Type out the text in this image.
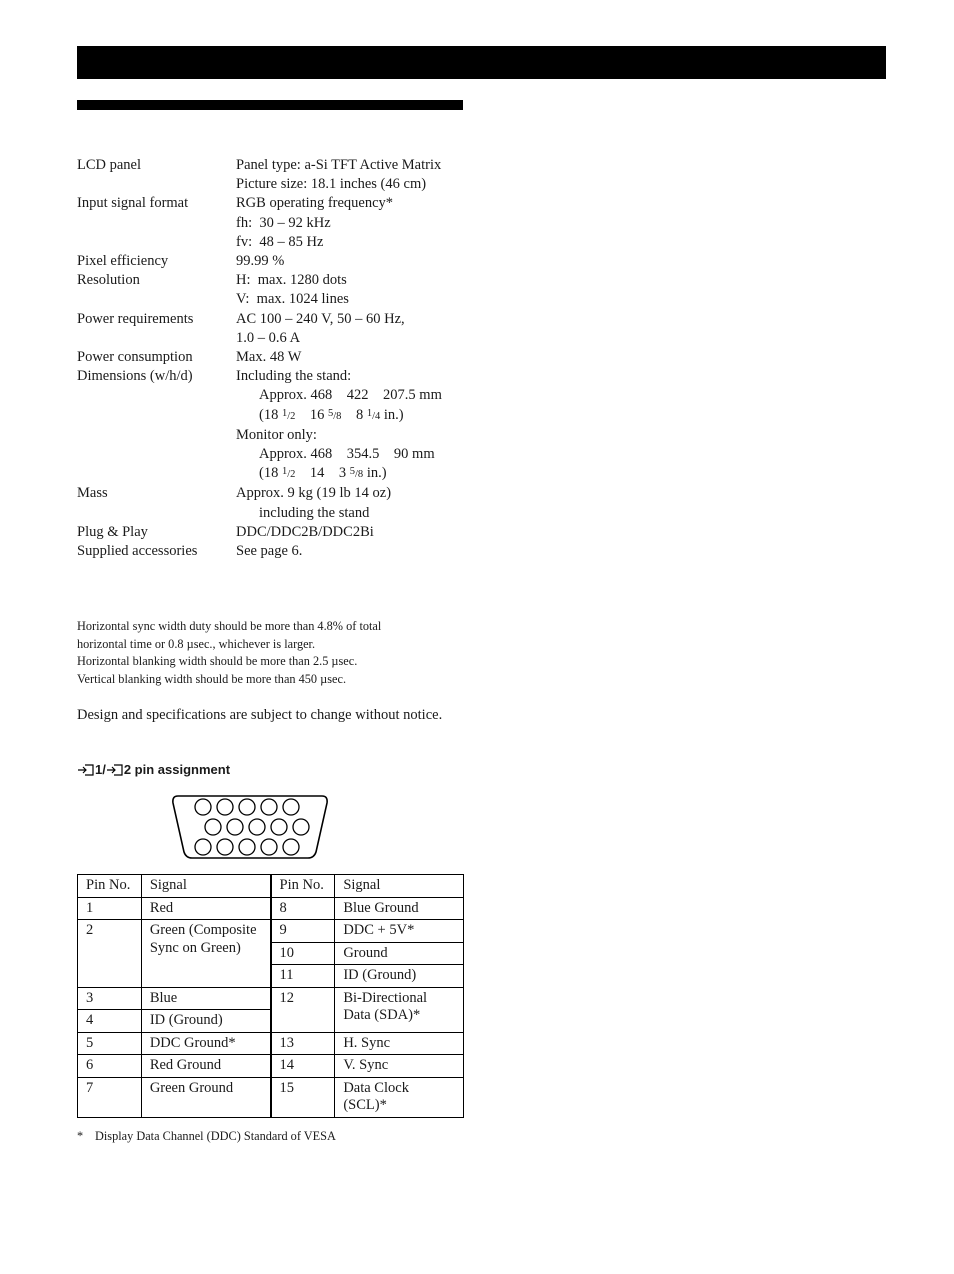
LCD panel	Panel type: a-Si TFT Active Matrix
Picture size: 18.1 inches (46 cm)
Input signal format	RGB operating frequency*
fh:  30 – 92 kHz
fv:  48 – 85 Hz
Pixel efficiency	99.99 %
Resolution	H:  max. 1280 dots
V:  max. 1024 lines
Power requirements	AC 100 – 240 V, 50 – 60 Hz,
1.0 – 0.6 A
Power consumption	Max. 48 W
Dimensions (w/h/d)	Including the stand:
Approx. 468    422    207.5 mm
(18 $^1$/2    16 $^5$/8    8 $^1$/4 in.)
Monitor only:
Approx. 468    354.5    90 mm
(18 $^1$/2    14    3 $^5$/8 in.)
Mass	Approx. 9 kg (19 lb 14 oz)
including the stand
Plug & Play	DDC/DDC2B/DDC2Bi
Supplied accessories	See page 6.
Horizontal sync width duty should be more than 4.8% of total
horizontal time or 0.8 µsec., whichever is larger.
Horizontal blanking width should be more than 2.5 µsec.
Vertical blanking width should be more than 450 µsec.
Design and specifications are subject to change without notice.
1/ 2 pin assignment
Pin No.	Signal	Pin No.	Signal
1	Red	8	Blue Ground
2	Green (Composite Sync on Green)	9	DDC + 5V*
		10	Ground
		11	ID (Ground)
3	Blue	12	Bi-Directional Data (SDA)*
4	ID (Ground)		
5	DDC Ground*	13	H. Sync
6	Red Ground	14	V. Sync
7	Green Ground	15	Data Clock (SCL)*
* Display Data Channel (DDC) Standard of VESA
